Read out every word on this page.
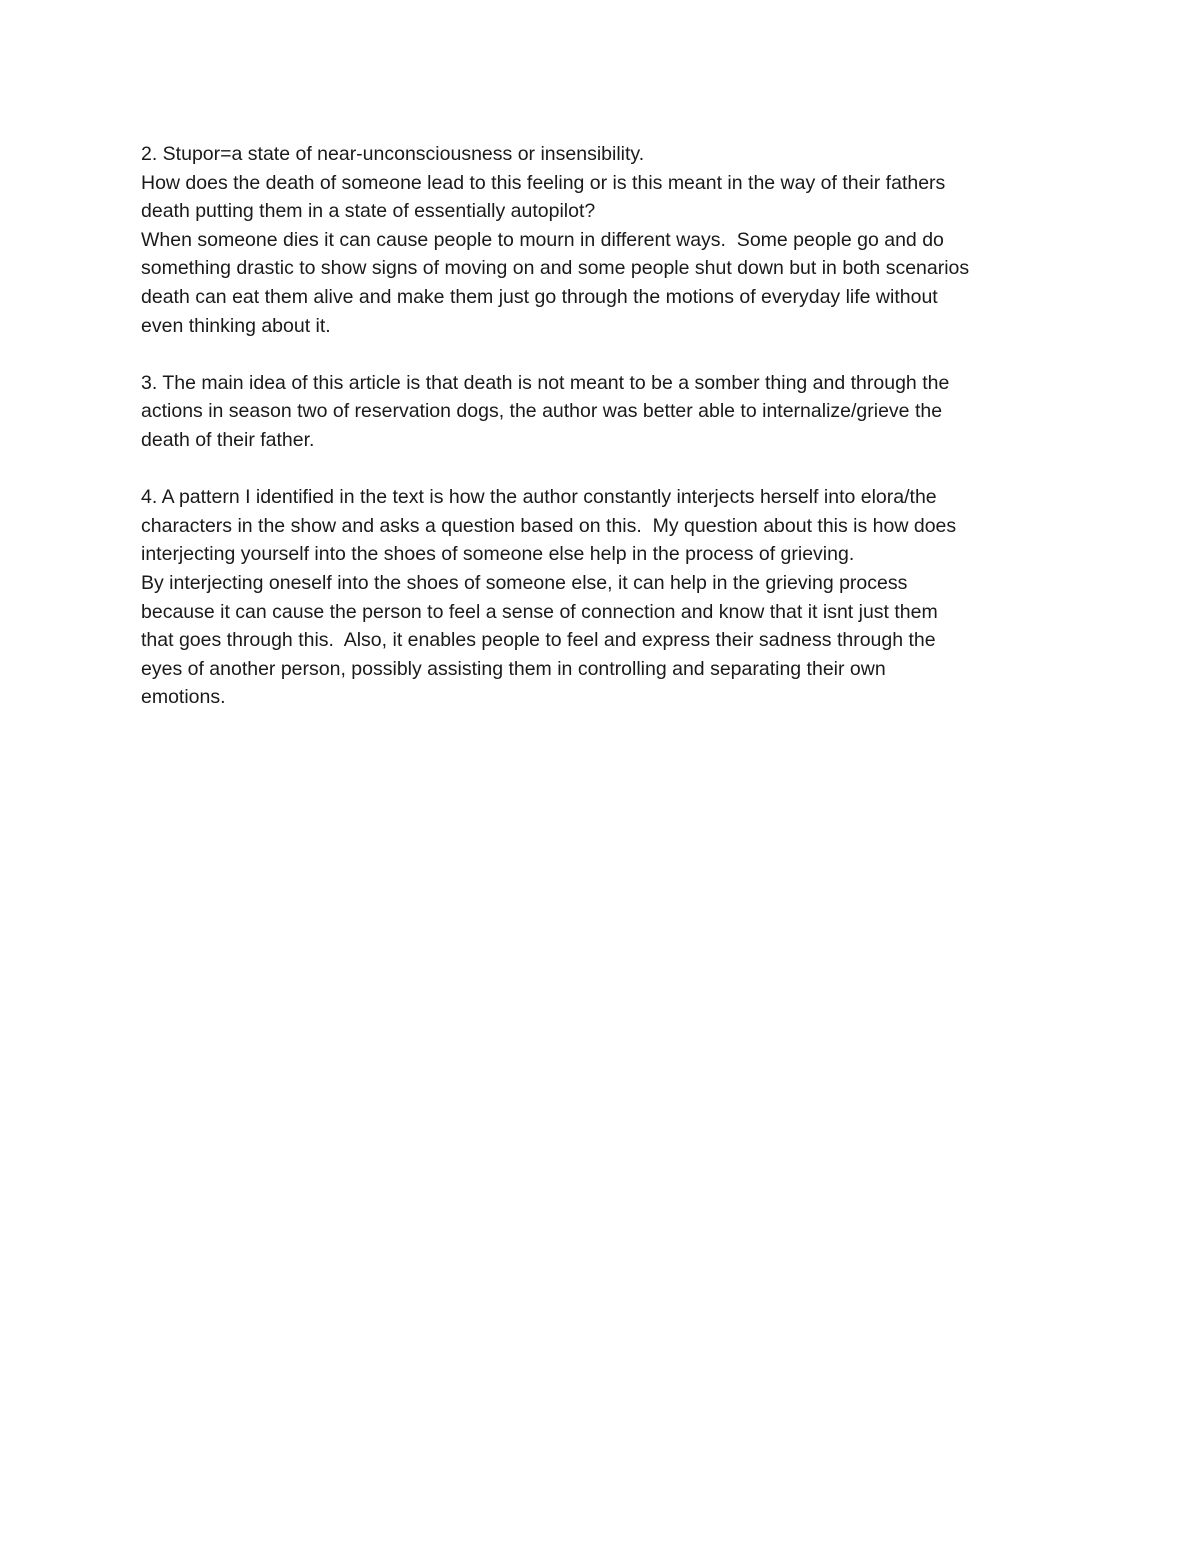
2. Stupor=a state of near-unconsciousness or insensibility.
How does the death of someone lead to this feeling or is this meant in the way of their fathers
death putting them in a state of essentially autopilot?
When someone dies it can cause people to mourn in different ways.  Some people go and do
something drastic to show signs of moving on and some people shut down but in both scenarios
death can eat them alive and make them just go through the motions of everyday life without
even thinking about it.
3. The main idea of this article is that death is not meant to be a somber thing and through the
actions in season two of reservation dogs, the author was better able to internalize/grieve the
death of their father.
4. A pattern I identified in the text is how the author constantly interjects herself into elora/the
characters in the show and asks a question based on this.  My question about this is how does
interjecting yourself into the shoes of someone else help in the process of grieving.
By interjecting oneself into the shoes of someone else, it can help in the grieving process
because it can cause the person to feel a sense of connection and know that it isnt just them
that goes through this.  Also, it enables people to feel and express their sadness through the
eyes of another person, possibly assisting them in controlling and separating their own
emotions.
